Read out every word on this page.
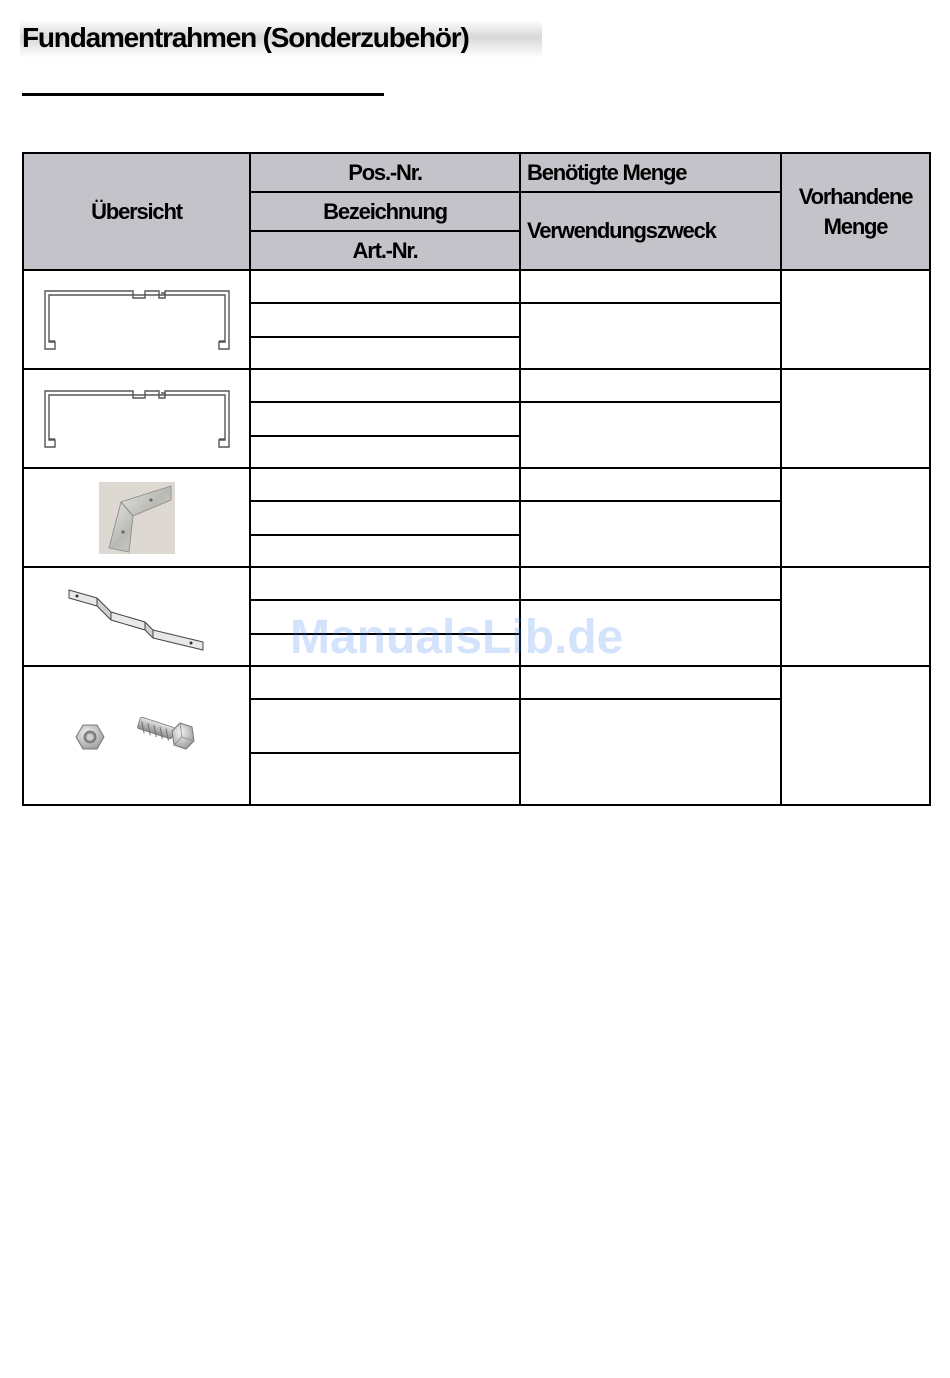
Fundamentrahmen (Sonderzubehör)
Übersicht	Pos.-Nr.	Benötigte Menge	Vorhandene
Menge

	Bezeichnung	Verwendungszweck	
	Art.-Nr.		

ManualsLib.de
